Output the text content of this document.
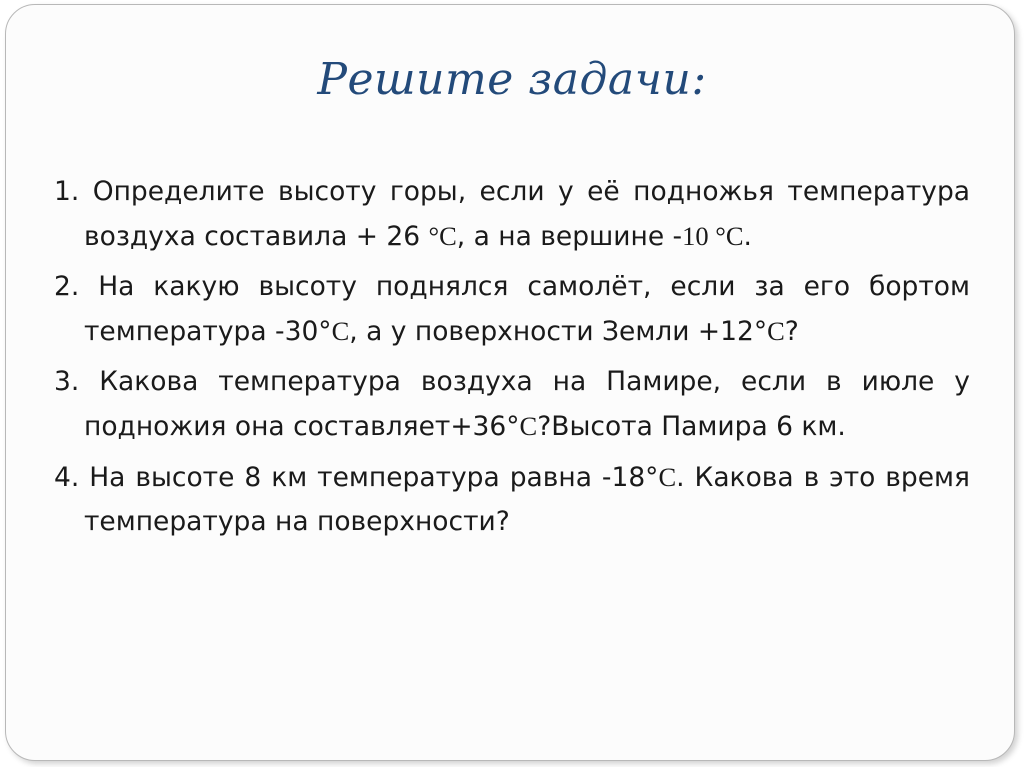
Решите задачи:
1. Определите высоту горы, если у её подножья температура воздуха составила + 26 °C, а на вершине -10 °C.
2. На какую высоту поднялся самолёт, если за его бортом температура -30°C, а у поверхности Земли +12°C?
3. Какова температура воздуха на Памире, если в июле у подножия она составляет+36°C?Высота Памира 6 км.
4. На высоте 8 км температура равна -18°C. Какова в это время температура на поверхности?
